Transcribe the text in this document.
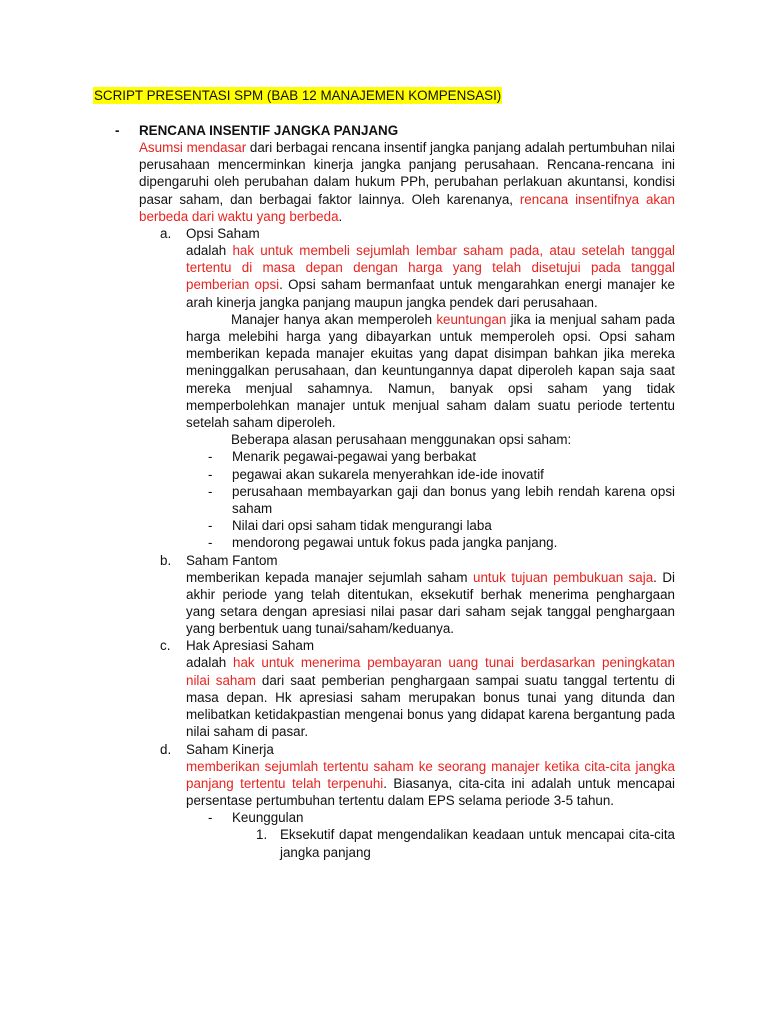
SCRIPT PRESENTASI SPM (BAB 12 MANAJEMEN KOMPENSASI)
- RENCANA INSENTIF JANGKA PANJANG

Asumsi mendasar dari berbagai rencana insentif jangka panjang adalah pertumbuhan nilai perusahaan mencerminkan kinerja jangka panjang perusahaan. Rencana-rencana ini dipengaruhi oleh perubahan dalam hukum PPh, perubahan perlakuan akuntansi, kondisi pasar saham, dan berbagai faktor lainnya. Oleh karenanya, rencana insentifnya akan berbeda dari waktu yang berbeda.

a. Opsi Saham

adalah hak untuk membeli sejumlah lembar saham pada, atau setelah tanggal tertentu di masa depan dengan harga yang telah disetujui pada tanggal pemberian opsi. Opsi saham bermanfaat untuk mengarahkan energi manajer ke arah kinerja jangka panjang maupun jangka pendek dari perusahaan.

Manajer hanya akan memperoleh keuntungan jika ia menjual saham pada harga melebihi harga yang dibayarkan untuk memperoleh opsi. Opsi saham memberikan kepada manajer ekuitas yang dapat disimpan bahkan jika mereka meninggalkan perusahaan, dan keuntungannya dapat diperoleh kapan saja saat mereka menjual sahamnya. Namun, banyak opsi saham yang tidak memperbolehkan manajer untuk menjual saham dalam suatu periode tertentu setelah saham diperoleh.

Beberapa alasan perusahaan menggunakan opsi saham:

- Menarik pegawai-pegawai yang berbakat
- pegawai akan sukarela menyerahkan ide-ide inovatif
- perusahaan membayarkan gaji dan bonus yang lebih rendah karena opsi saham
- Nilai dari opsi saham tidak mengurangi laba
- mendorong pegawai untuk fokus pada jangka panjang.
b. Saham Fantom

memberikan kepada manajer sejumlah saham untuk tujuan pembukuan saja. Di akhir periode yang telah ditentukan, eksekutif berhak menerima penghargaan yang setara dengan apresiasi nilai pasar dari saham sejak tanggal penghargaan yang berbentuk uang tunai/saham/keduanya.

c. Hak Apresiasi Saham

adalah hak untuk menerima pembayaran uang tunai berdasarkan peningkatan nilai saham dari saat pemberian penghargaan sampai suatu tanggal tertentu di masa depan. Hk apresiasi saham merupakan bonus tunai yang ditunda dan melibatkan ketidakpastian mengenai bonus yang didapat karena bergantung pada nilai saham di pasar.

d. Saham Kinerja

memberikan sejumlah tertentu saham ke seorang manajer ketika cita-cita jangka panjang tertentu telah terpenuhi. Biasanya, cita-cita ini adalah untuk mencapai persentase pertumbuhan tertentu dalam EPS selama periode 3-5 tahun.

- Keunggulan
1. Eksekutif dapat mengendalikan keadaan untuk mencapai cita-cita jangka panjang
